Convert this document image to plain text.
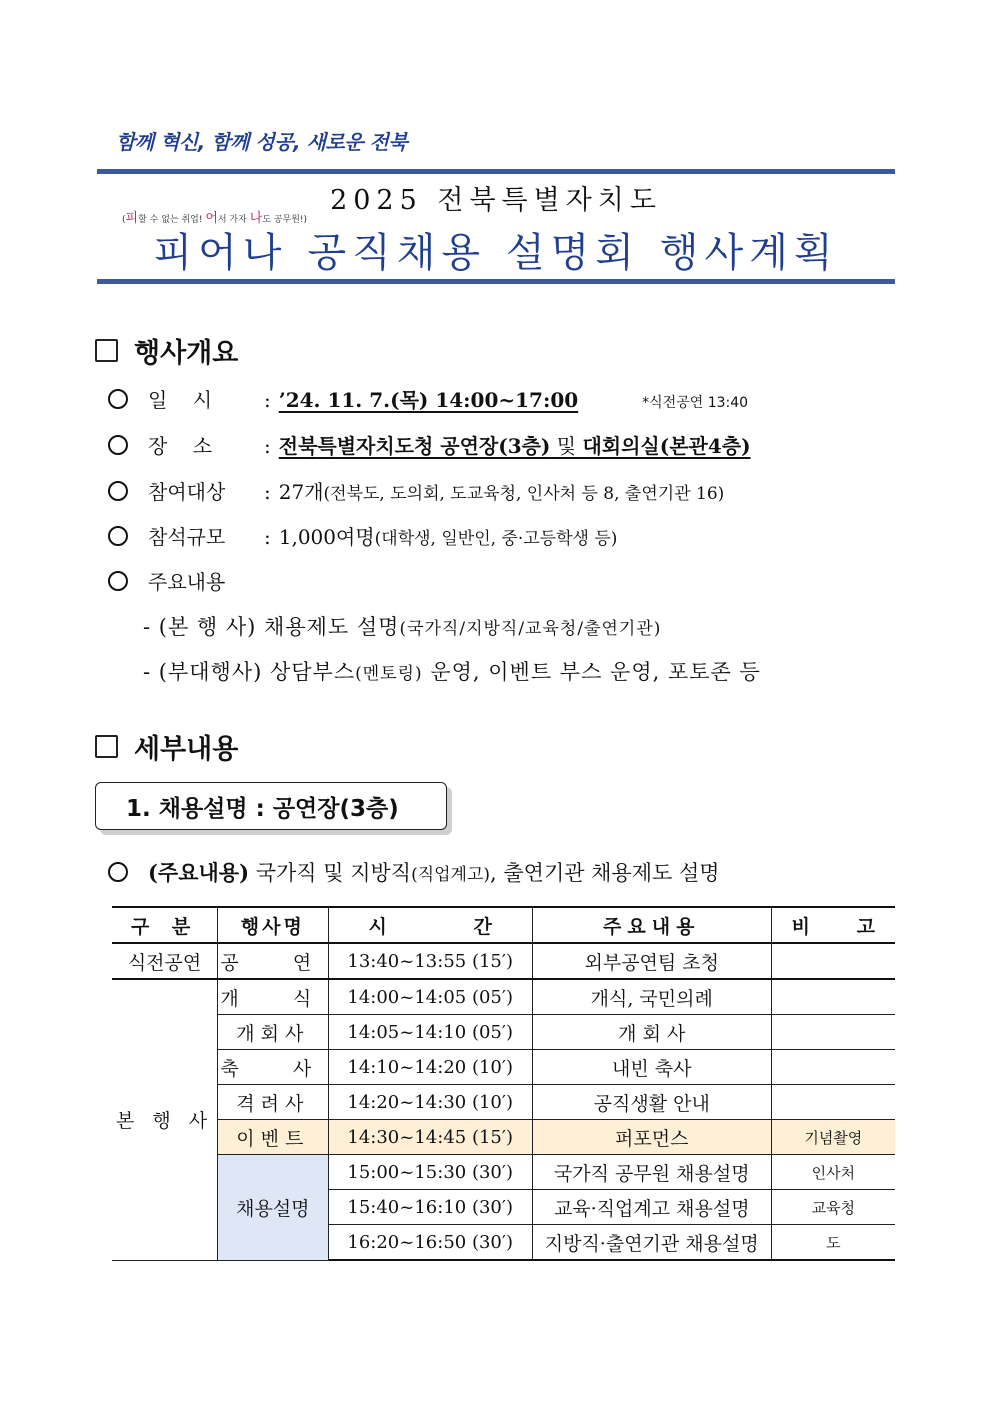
함께 혁신, 함께 성공, 새로운 전북
2025 전북특별자치도
(피할 수 없는 취업! 어서 가자 나도 공무원!)
피어나 공직채용 설명회 행사계획
행사개요
일    시	: ’24. 11. 7.(목) 14:00~17:00	*식전공연 13:40
장    소	: 전북특별자치도청 공연장(3층) 및 대회의실(본관4층)
참여대상	: 27개 (전북도, 도의회, 도교육청, 인사처 등 8, 출연기관 16)
참석규모	: 1,000여명 (대학생, 일반인, 중·고등학생 등)
주요내용
- (본 행 사) 채용제도 설명(국가직/지방직/교육청/출연기관)
- (부대행사) 상담부스(멘토링) 운영, 이벤트 부스 운영, 포토존 등
세부내용
1. 채용설명 : 공연장(3층)
(주요내용) 국가직 및 지방직 (직업계고) , 출연기관 채용제도 설명
구 분	행사명	시 간	주요내용	비 고
식전공연	공  연	13:40~13:55 (15′)	외부공연팀 초청	
본 행 사	개  식	14:00~14:05 (05′)	개식, 국민의례	
	개회사	14:05~14:10 (05′)	개 회 사	
	축  사	14:10~14:20 (10′)	내빈 축사	
	격려사	14:20~14:30 (10′)	공직생활 안내	
	이벤트	14:30~14:45 (15′)	퍼포먼스	기념촬영
	채용설명	15:00~15:30 (30′)	국가직 공무원 채용설명	인사처
		15:40~16:10 (30′)	교육·직업계고 채용설명	교육청
		16:20~16:50 (30′)	지방직·출연기관 채용설명	도
